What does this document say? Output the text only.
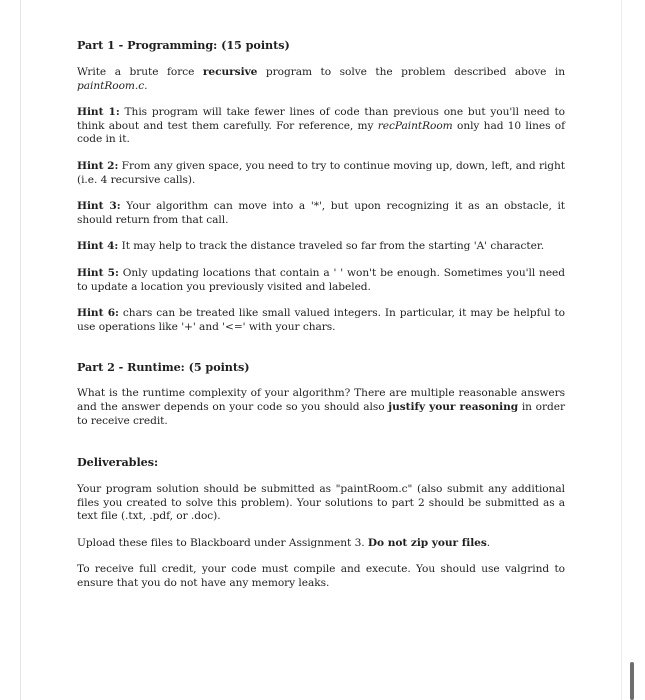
Part 1 - Programming: (15 points)

Write a brute force recursive program to solve the problem described above in paintRoom.c.

Hint 1: This program will take fewer lines of code than previous one but you'll need to think about and test them carefully. For reference, my recPaintRoom only had 10 lines of code in it.

Hint 2: From any given space, you need to try to continue moving up, down, left, and right (i.e. 4 recursive calls).

Hint 3: Your algorithm can move into a '*', but upon recognizing it as an obstacle, it should return from that call.

Hint 4: It may help to track the distance traveled so far from the starting 'A' character.

Hint 5: Only updating locations that contain a ' ' won't be enough. Sometimes you'll need to update a location you previously visited and labeled.

Hint 6: chars can be treated like small valued integers. In particular, it may be helpful to use operations like '+' and '<=' with your chars.

Part 2 - Runtime: (5 points)

What is the runtime complexity of your algorithm? There are multiple reasonable answers and the answer depends on your code so you should also justify your reasoning in order to receive credit.

Deliverables:

Your program solution should be submitted as "paintRoom.c" (also submit any additional files you created to solve this problem). Your solutions to part 2 should be submitted as a text file (.txt, .pdf, or .doc).

Upload these files to Blackboard under Assignment 3. Do not zip your files.

To receive full credit, your code must compile and execute. You should use valgrind to ensure that you do not have any memory leaks.
